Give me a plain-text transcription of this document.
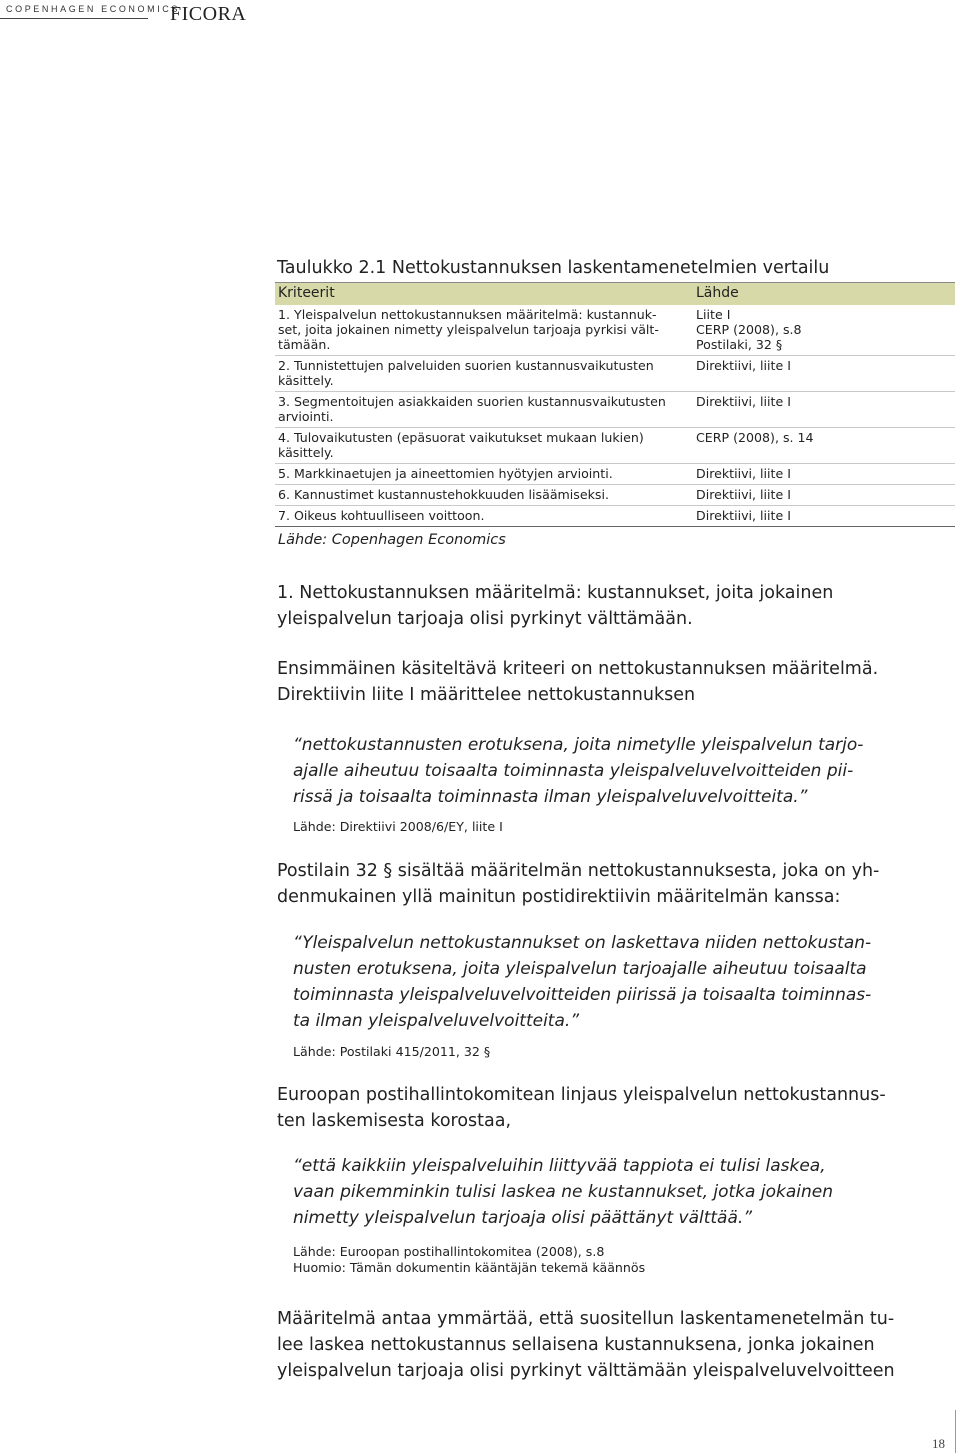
COPENHAGEN ECONOMICS
FICORA
Taulukko 2.1 Nettokustannuksen laskentamenetelmien vertailu
Kriteerit	Lähde

1. Yleispalvelun nettokustannuksen määritelmä: kustannuk-
set, joita jokainen nimetty yleispalvelun tarjoaja pyrkisi vält-
tämään.	Liite I
CERP (2008), s.8
Postilaki, 32 §

2. Tunnistettujen palveluiden suorien kustannusvaikutusten
käsittely.	Direktiivi, liite I

3. Segmentoitujen asiakkaiden suorien kustannusvaikutusten
arviointi.	Direktiivi, liite I

4. Tulovaikutusten (epäsuorat vaikutukset mukaan lukien)
käsittely.	CERP (2008), s. 14

5. Markkinaetujen ja aineettomien hyötyjen arviointi.	Direktiivi, liite I
6. Kannustimet kustannustehokkuuden lisäämiseksi.	Direktiivi, liite I
7. Oikeus kohtuulliseen voittoon.	Direktiivi, liite I
Lähde: Copenhagen Economics	
1. Nettokustannuksen määritelmä: kustannukset, joita jokainen
yleispalvelun tarjoaja olisi pyrkinyt välttämään.
Ensimmäinen käsiteltävä kriteeri on nettokustannuksen määritelmä.
Direktiivin liite I määrittelee nettokustannuksen
“nettokustannusten erotuksena, joita nimetylle yleispalvelun tarjo-
ajalle aiheutuu toisaalta toiminnasta yleispalveluvelvoitteiden pii-
rissä ja toisaalta toiminnasta ilman yleispalveluvelvoitteita.”
Lähde: Direktiivi 2008/6/EY, liite I
Postilain 32 § sisältää määritelmän nettokustannuksesta, joka on yh-
denmukainen yllä mainitun postidirektiivin määritelmän kanssa:
“Yleispalvelun nettokustannukset on laskettava niiden nettokustan-
nusten erotuksena, joita yleispalvelun tarjoajalle aiheutuu toisaalta
toiminnasta yleispalveluvelvoitteiden piirissä ja toisaalta toiminnas-
ta ilman yleispalveluvelvoitteita.”
Lähde: Postilaki 415/2011, 32 §
Euroopan postihallintokomitean linjaus yleispalvelun nettokustannus-
ten laskemisesta korostaa,
“että kaikkiin yleispalveluihin liittyvää tappiota ei tulisi laskea,
vaan pikemminkin tulisi laskea ne kustannukset, jotka jokainen
nimetty yleispalvelun tarjoaja olisi päättänyt välttää.”
Lähde: Euroopan postihallintokomitea (2008), s.8
Huomio: Tämän dokumentin kääntäjän tekemä käännös
Määritelmä antaa ymmärtää, että suositellun laskentamenetelmän tu-
lee laskea nettokustannus sellaisena kustannuksena, jonka jokainen
yleispalvelun tarjoaja olisi pyrkinyt välttämään yleispalveluvelvoitteen
18
